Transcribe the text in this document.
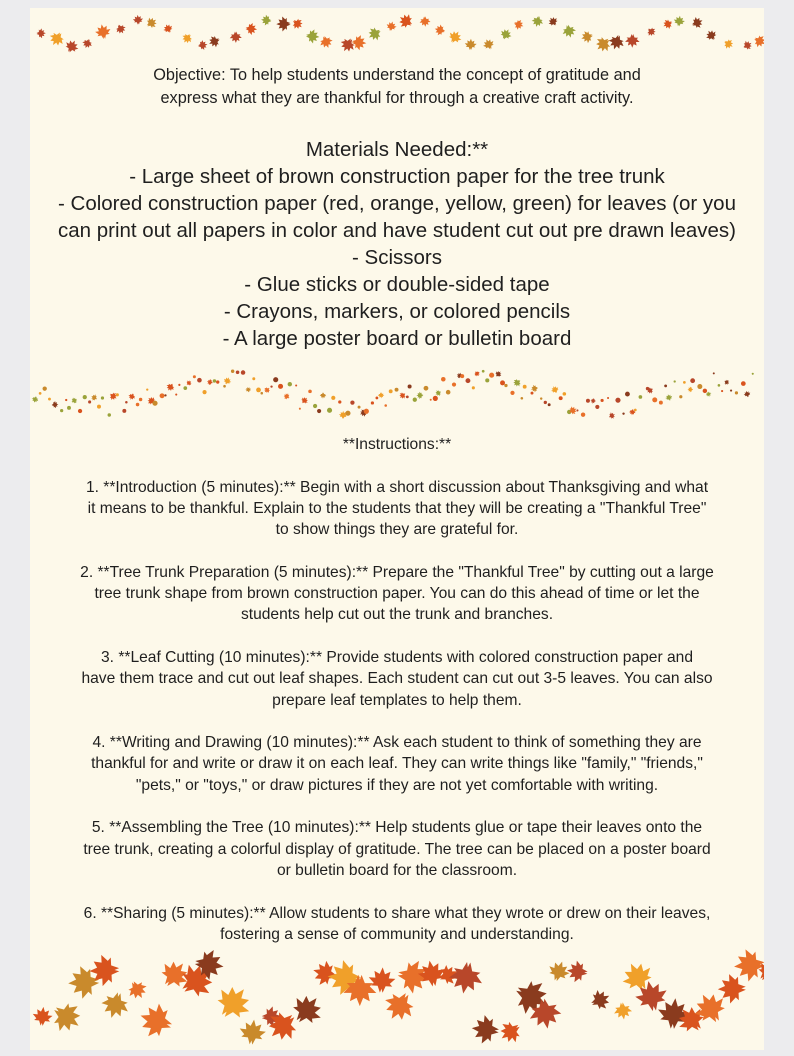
Objective: To help students understand the concept of gratitude and
express what they are thankful for through a creative craft activity.
Materials Needed:**
- Large sheet of brown construction paper for the tree trunk
- Colored construction paper (red, orange, yellow, green) for leaves (or you
can print out all papers in color and have student cut out pre drawn leaves)
- Scissors
- Glue sticks or double-sided tape
- Crayons, markers, or colored pencils
- A large poster board or bulletin board
**Instructions:**
1. **Introduction (5 minutes):** Begin with a short discussion about Thanksgiving and what
it means to be thankful. Explain to the students that they will be creating a "Thankful Tree"
to show things they are grateful for.
2. **Tree Trunk Preparation (5 minutes):** Prepare the "Thankful Tree" by cutting out a large
tree trunk shape from brown construction paper. You can do this ahead of time or let the
students help cut out the trunk and branches.
3. **Leaf Cutting (10 minutes):** Provide students with colored construction paper and
have them trace and cut out leaf shapes. Each student can cut out 3-5 leaves. You can also
prepare leaf templates to help them.
4. **Writing and Drawing (10 minutes):** Ask each student to think of something they are
thankful for and write or draw it on each leaf. They can write things like "family," "friends,"
"pets," or "toys," or draw pictures if they are not yet comfortable with writing.
5. **Assembling the Tree (10 minutes):** Help students glue or tape their leaves onto the
tree trunk, creating a colorful display of gratitude. The tree can be placed on a poster board
or bulletin board for the classroom.
6. **Sharing (5 minutes):** Allow students to share what they wrote or drew on their leaves,
fostering a sense of community and understanding.
